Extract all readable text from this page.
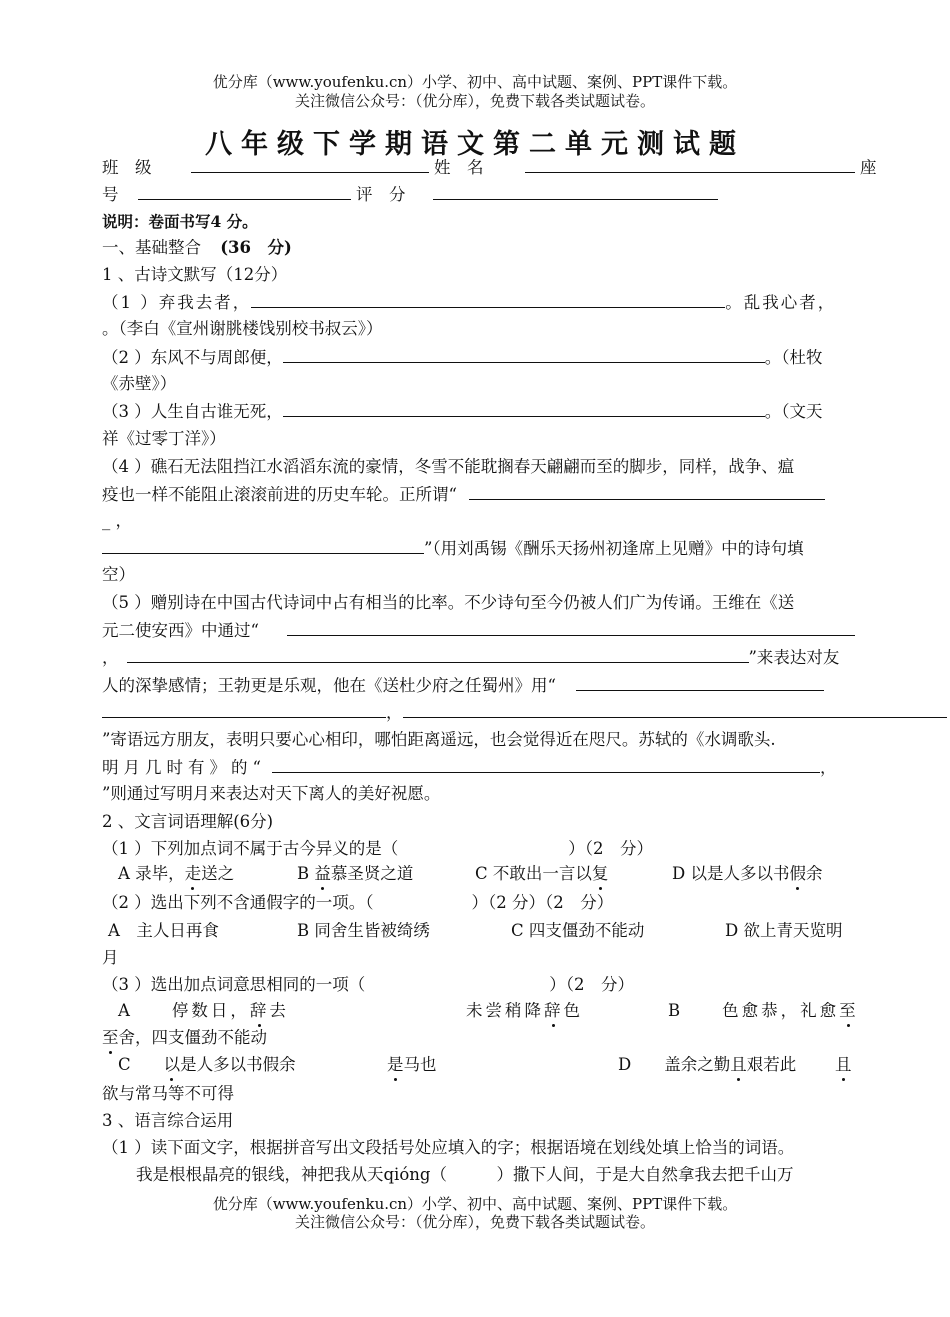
优分库（www.youfenku.cn）小学、初中、高中试题、案例、PPT课件下载。
关注微信公众号：（优分库），免费下载各类试题试卷。
八年级下学期语文第二单元测试题
班　级	姓　名	座
号	评　分
说明：卷面书写4 分。
一、基础整合 (36　分)
1 、古诗文默写（12分）
（1 ）弃我去者，	。乱我心者，
。（李白《宣州谢朓楼饯别校书叔云》）
（2 ）东风不与周郎便，	。（杜牧
《赤壁》）
（3 ）人生自古谁无死，	。（文天
祥《过零丁洋》）
（4 ）礁石无法阻挡江水滔滔东流的豪情，冬雪不能耽搁春天翩翩而至的脚步，同样，战争、瘟
疫也一样不能阻止滚滚前进的历史车轮。正所谓“
_ ，
”（用刘禹锡《酬乐天扬州初逢席上见赠》中的诗句填
空）
（5 ）赠别诗在中国古代诗词中占有相当的比率。不少诗句至今仍被人们广为传诵。王维在《送
元二使安西》中通过“
，	”来表达对友
人的深挚感情；王勃更是乐观，他在《送杜少府之任蜀州》用“
，
”寄语远方朋友，表明只要心心相印，哪怕距离遥远，也会觉得近在咫尺。苏轼的《水调歌头.
明月几时有》的“	，
”则通过写明月来表达对天下离人的美好祝愿。
2 、文言词语理解(6分)
（1 ）下列加点词不属于古今异义的是（	）（2　分）
A 录毕，走送之	B 益慕圣贤之道	C 不敢出一言以复	D 以是人多以书假余
（2 ）选出下列不含通假字的一项。（	）（2 分）（2　分）
A　主人日再食	B 同舍生皆被绮绣	C 四支僵劲不能动	D 欲上青天览明
月
（3 ）选出加点词意思相同的一项（	）（2　分）
A　　停数日，辞去	未尝稍降辞色	B　　色愈恭，礼愈至
至舍，四支僵劲不能动
C　　以是人多以书假余	是马也	D　　盖余之勤且艰若此 且
欲与常马等不可得
3 、语言综合运用
（1 ）读下面文字，根据拼音写出文段括号处应填入的字；根据语境在划线处填上恰当的词语。
我是根根晶亮的银线，神把我从天qióng（　　　）撒下人间，于是大自然拿我去把千山万
优分库（www.youfenku.cn）小学、初中、高中试题、案例、PPT课件下载。
关注微信公众号：（优分库），免费下载各类试题试卷。
